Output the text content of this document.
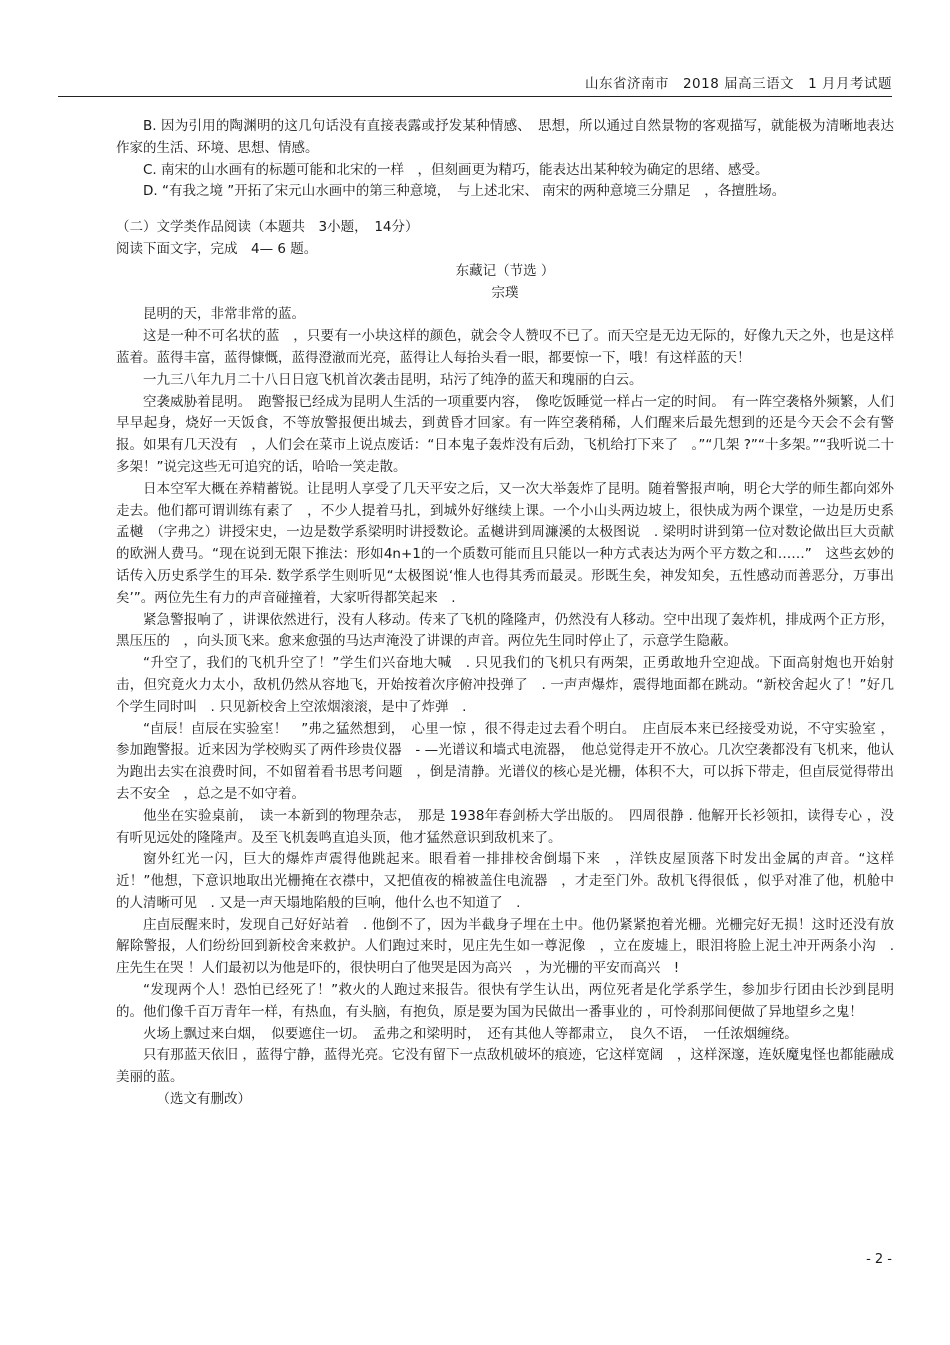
山东省济南市　2018 届高三语文　1 月月考试题

B. 因为引用的陶渊明的这几句话没有直接表露或抒发某种情感、　思想，所以通过自然景物的客观描写，就能极为清晰地表达作家的生活、环境、思想、情感。

C. 南宋的山水画有的标题可能和北宋的一样　，但刻画更为精巧，能表达出某种较为确定的思绪、感受。

D. “有我之境 ”开拓了宋元山水画中的第三种意境，　与上述北宋、 南宋的两种意境三分鼎足　，各擅胜场。

（二）文学类作品阅读（本题共　3小题，　14分）

阅读下面文字，完成　4— 6 题。

东藏记（节选 ）

宗璞

昆明的天，非常非常的蓝。

这是一种不可名状的蓝　，只要有一小块这样的颜色，就会令人赞叹不已了。而天空是无边无际的，好像九天之外，也是这样蓝着。蓝得丰富，蓝得慷慨，蓝得澄澈而光亮，蓝得让人每抬头看一眼，都要惊一下，哦！有这样蓝的天！

一九三八年九月二十八日日寇飞机首次袭击昆明，玷污了纯净的蓝天和瑰丽的白云。

空袭威胁着昆明。　跑警报已经成为昆明人生活的一项重要内容，　像吃饭睡觉一样占一定的时间。　有一阵空袭格外频繁，人们早早起身，烧好一天饭食，不等放警报便出城去，到黄昏才回家。有一阵空袭稍稀，人们醒来后最先想到的还是今天会不会有警报。如果有几天没有　，人们会在菜市上说点废话：“日本鬼子轰炸没有后劲，飞机给打下来了　。”“几架 ?”“十多架。”“我听说二十多架！”说完这些无可追究的话，哈哈一笑走散。

日本空军大概在养精蓄锐。让昆明人享受了几天平安之后，又一次大举轰炸了昆明。随着警报声响，明仑大学的师生都向郊外走去。他们都可谓训练有素了　，不少人提着马扎，到城外好继续上课。一个小山头两边坡上，很快成为两个课堂，一边是历史系孟樾　（字弗之）讲授宋史，一边是数学系梁明时讲授数论。孟樾讲到周濂溪的太极图说　. 梁明时讲到第一位对数论做出巨大贡献的欧洲人费马。“现在说到无限下推法：形如4n+1的一个质数可能而且只能以一种方式表达为两个平方数之和……”　这些玄妙的话传入历史系学生的耳朵. 数学系学生则听见“太极图说‘惟人也得其秀而最灵。形既生矣，神发知矣，五性感动而善恶分，万事出矣’”。两位先生有力的声音碰撞着，大家听得都笑起来　.

紧急警报响了 ，讲课依然进行，没有人移动。传来了飞机的隆隆声，仍然没有人移动。空中出现了轰炸机，排成两个正方形，黑压压的　，向头顶飞来。愈来愈强的马达声淹没了讲课的声音。两位先生同时停止了，示意学生隐蔽。

“升空了，我们的飞机升空了！”学生们兴奋地大喊　. 只见我们的飞机只有两架，正勇敢地升空迎战。下面高射炮也开始射击，但究竟火力太小，敌机仍然从容地飞，开始按着次序俯冲投弹了　. 一声声爆炸，震得地面都在跳动。“新校舍起火了！”好几个学生同时叫　. 只见新校舍上空浓烟滚滚，是中了炸弹　.

“卣辰！卣辰在实验室！　”弗之猛然想到，　心里一惊 ，很不得走过去看个明白。　庄卣辰本来已经接受劝说，不守实验室 ，参加跑警报。近来因为学校购买了两件珍贵仪器　- —光谱议和墙式电流器，　他总觉得走开不放心。几次空袭都没有飞机来，他认为跑出去实在浪费时间，不如留着看书思考问题　，倒是清静。光谱仪的核心是光栅，体积不大，可以拆下带走，但卣辰觉得带出去不安全　，总之是不如守着。

他坐在实验桌前，　读一本新到的物理杂志，　那是 1938年春剑桥大学出版的。　四周很静 . 他解开长衫领扣，读得专心 ，没有听见远处的隆隆声。及至飞机轰鸣直追头顶，他才猛然意识到敌机来了。

窗外红光一闪，巨大的爆炸声震得他跳起来。眼看着一排排校舍倒塌下来　，洋铁皮屋顶落下时发出金属的声音。“这样近！”他想，下意识地取出光栅掩在衣襟中，又把值夜的棉被盖住电流器　，才走至门外。敌机飞得很低 ，似乎对准了他，机舱中的人清晰可见　. 又是一声天塌地陷般的巨响，他什么也不知道了　.

庄卣辰醒来时，发现自己好好站着　. 他倒不了，因为半截身子埋在土中。他仍紧紧抱着光栅。光栅完好无损！这时还没有放解除警报，人们纷纷回到新校舍来救护。人们跑过来时，见庄先生如一尊泥像　，立在废墟上，眼泪将脸上泥土冲开两条小沟　. 庄先生在哭 ！人们最初以为他是吓的，很快明白了他哭是因为高兴　，为光栅的平安而高兴　!

“发现两个人！恐怕已经死了！”救火的人跑过来报告。很快有学生认出，两位死者是化学系学生，参加步行团由长沙到昆明的。他们像千百万青年一样，有热血，有头脑，有抱负，原是要为国为民做出一番事业的 ，可怜刹那间便做了异地望乡之鬼！

火场上飘过来白烟，　似要遮住一切。　孟弗之和梁明时，　还有其他人等都肃立，　良久不语，　一任浓烟缠绕。

只有那蓝天依旧 ，蓝得宁静，蓝得光亮。它没有留下一点敌机破坏的痕迹，它这样宽阔　，这样深邃，连妖魔鬼怪也都能融成美丽的蓝。

（选文有删改）

- 2 -
